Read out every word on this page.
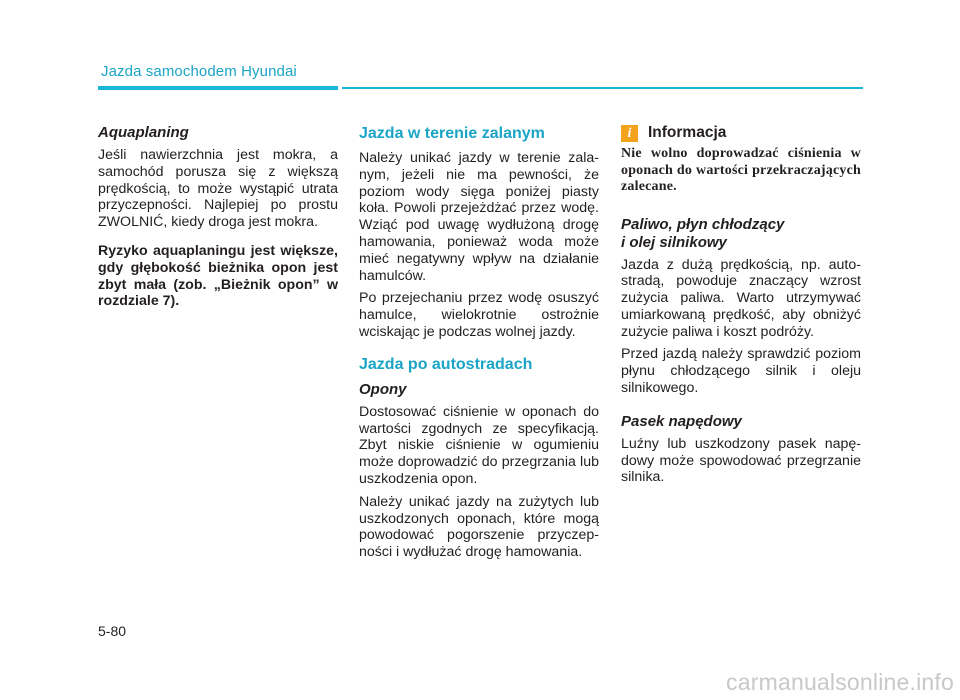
Jazda samochodem Hyundai
Aquaplaning

Jeśli nawierzchnia jest mokra, a samochód porusza się z większą prędkością, to może wystąpić utrata przyczepności. Najlepiej po prostu ZWOLNIĆ, kiedy droga jest mokra.

Ryzyko aquaplaningu jest większe, gdy głębokość bieżnika opon jest zbyt mała (zob. „Bieżnik opon” w rozdziale 7).

Jazda w terenie zalanym

Należy unikać jazdy w terenie zalanym, jeżeli nie ma pewności, że poziom wody sięga poniżej piasty koła. Powoli przejeżdżać przez wodę. Wziąć pod uwagę wydłużoną drogę hamowania, ponieważ woda może mieć negatywny wpływ na działanie hamulców.

Po przejechaniu przez wodę osuszyć hamulce, wielokrotnie ostrożnie wciskając je podczas wolnej jazdy.

Jazda po autostradach
Opony

Dostosować ciśnienie w oponach do wartości zgodnych ze specyfikacją. Zbyt niskie ciśnienie w ogumieniu może doprowadzić do przegrzania lub uszkodzenia opon.

Należy unikać jazdy na zużytych lub uszkodzonych oponach, które mogą powodować pogorszenie przyczepności i wydłużać drogę hamowania.

i	Informacja

Nie wolno doprowadzać ciśnienia w oponach do wartości przekraczających zalecane.

Paliwo, płyn chłodzący
i olej silnikowy

Jazda z dużą prędkością, np. autostradą, powoduje znaczący wzrost zużycia paliwa. Warto utrzymywać umiarkowaną prędkość, aby obniżyć zużycie paliwa i koszt podróży.

Przed jazdą należy sprawdzić poziom płynu chłodzącego silnik i oleju silnikowego.

Pasek napędowy

Luźny lub uszkodzony pasek napędowy może spowodować przegrzanie silnika.

5-80
carmanualsonline.info
